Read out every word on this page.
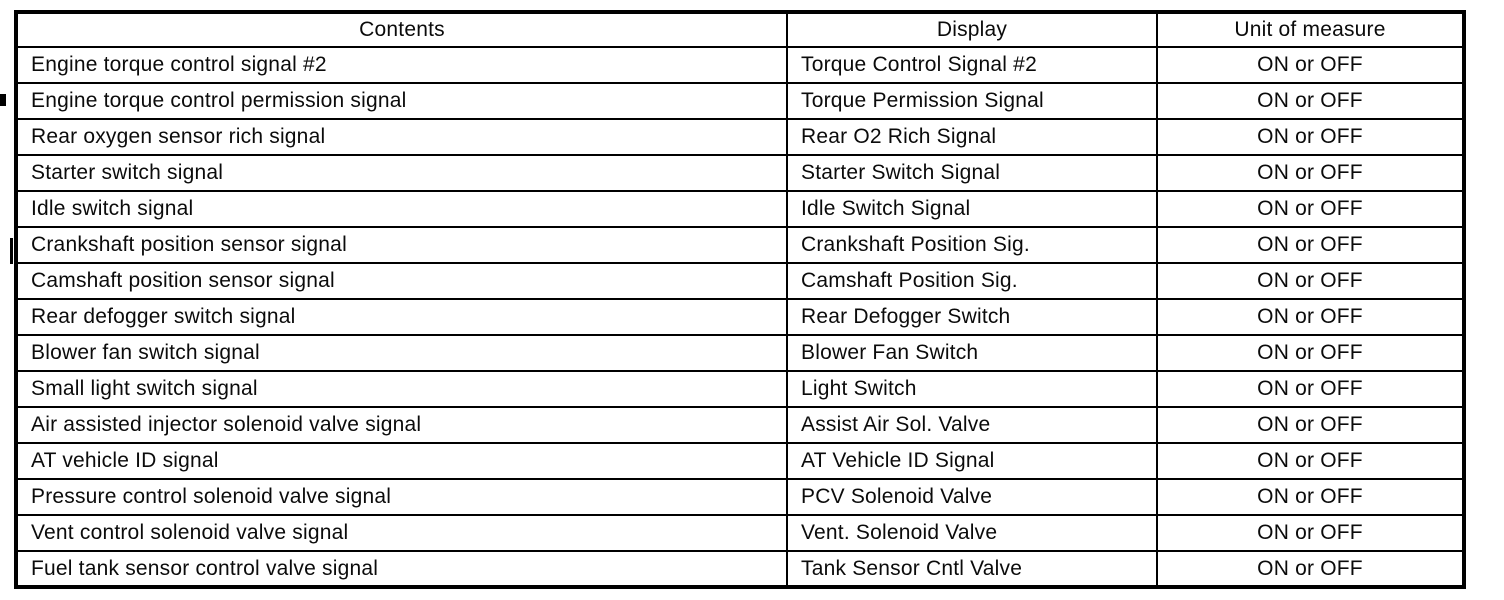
Contents	Display	Unit of measure
Engine torque control signal #2	Torque Control Signal #2	ON or OFF
Engine torque control permission signal	Torque Permission Signal	ON or OFF
Rear oxygen sensor rich signal	Rear O2 Rich Signal	ON or OFF
Starter switch signal	Starter Switch Signal	ON or OFF
Idle switch signal	Idle Switch Signal	ON or OFF
Crankshaft position sensor signal	Crankshaft Position Sig.	ON or OFF
Camshaft position sensor signal	Camshaft Position Sig.	ON or OFF
Rear defogger switch signal	Rear Defogger Switch	ON or OFF
Blower fan switch signal	Blower Fan Switch	ON or OFF
Small light switch signal	Light Switch	ON or OFF
Air assisted injector solenoid valve signal	Assist Air Sol. Valve	ON or OFF
AT vehicle ID signal	AT Vehicle ID Signal	ON or OFF
Pressure control solenoid valve signal	PCV Solenoid Valve	ON or OFF
Vent control solenoid valve signal	Vent. Solenoid Valve	ON or OFF
Fuel tank sensor control valve signal	Tank Sensor Cntl Valve	ON or OFF
